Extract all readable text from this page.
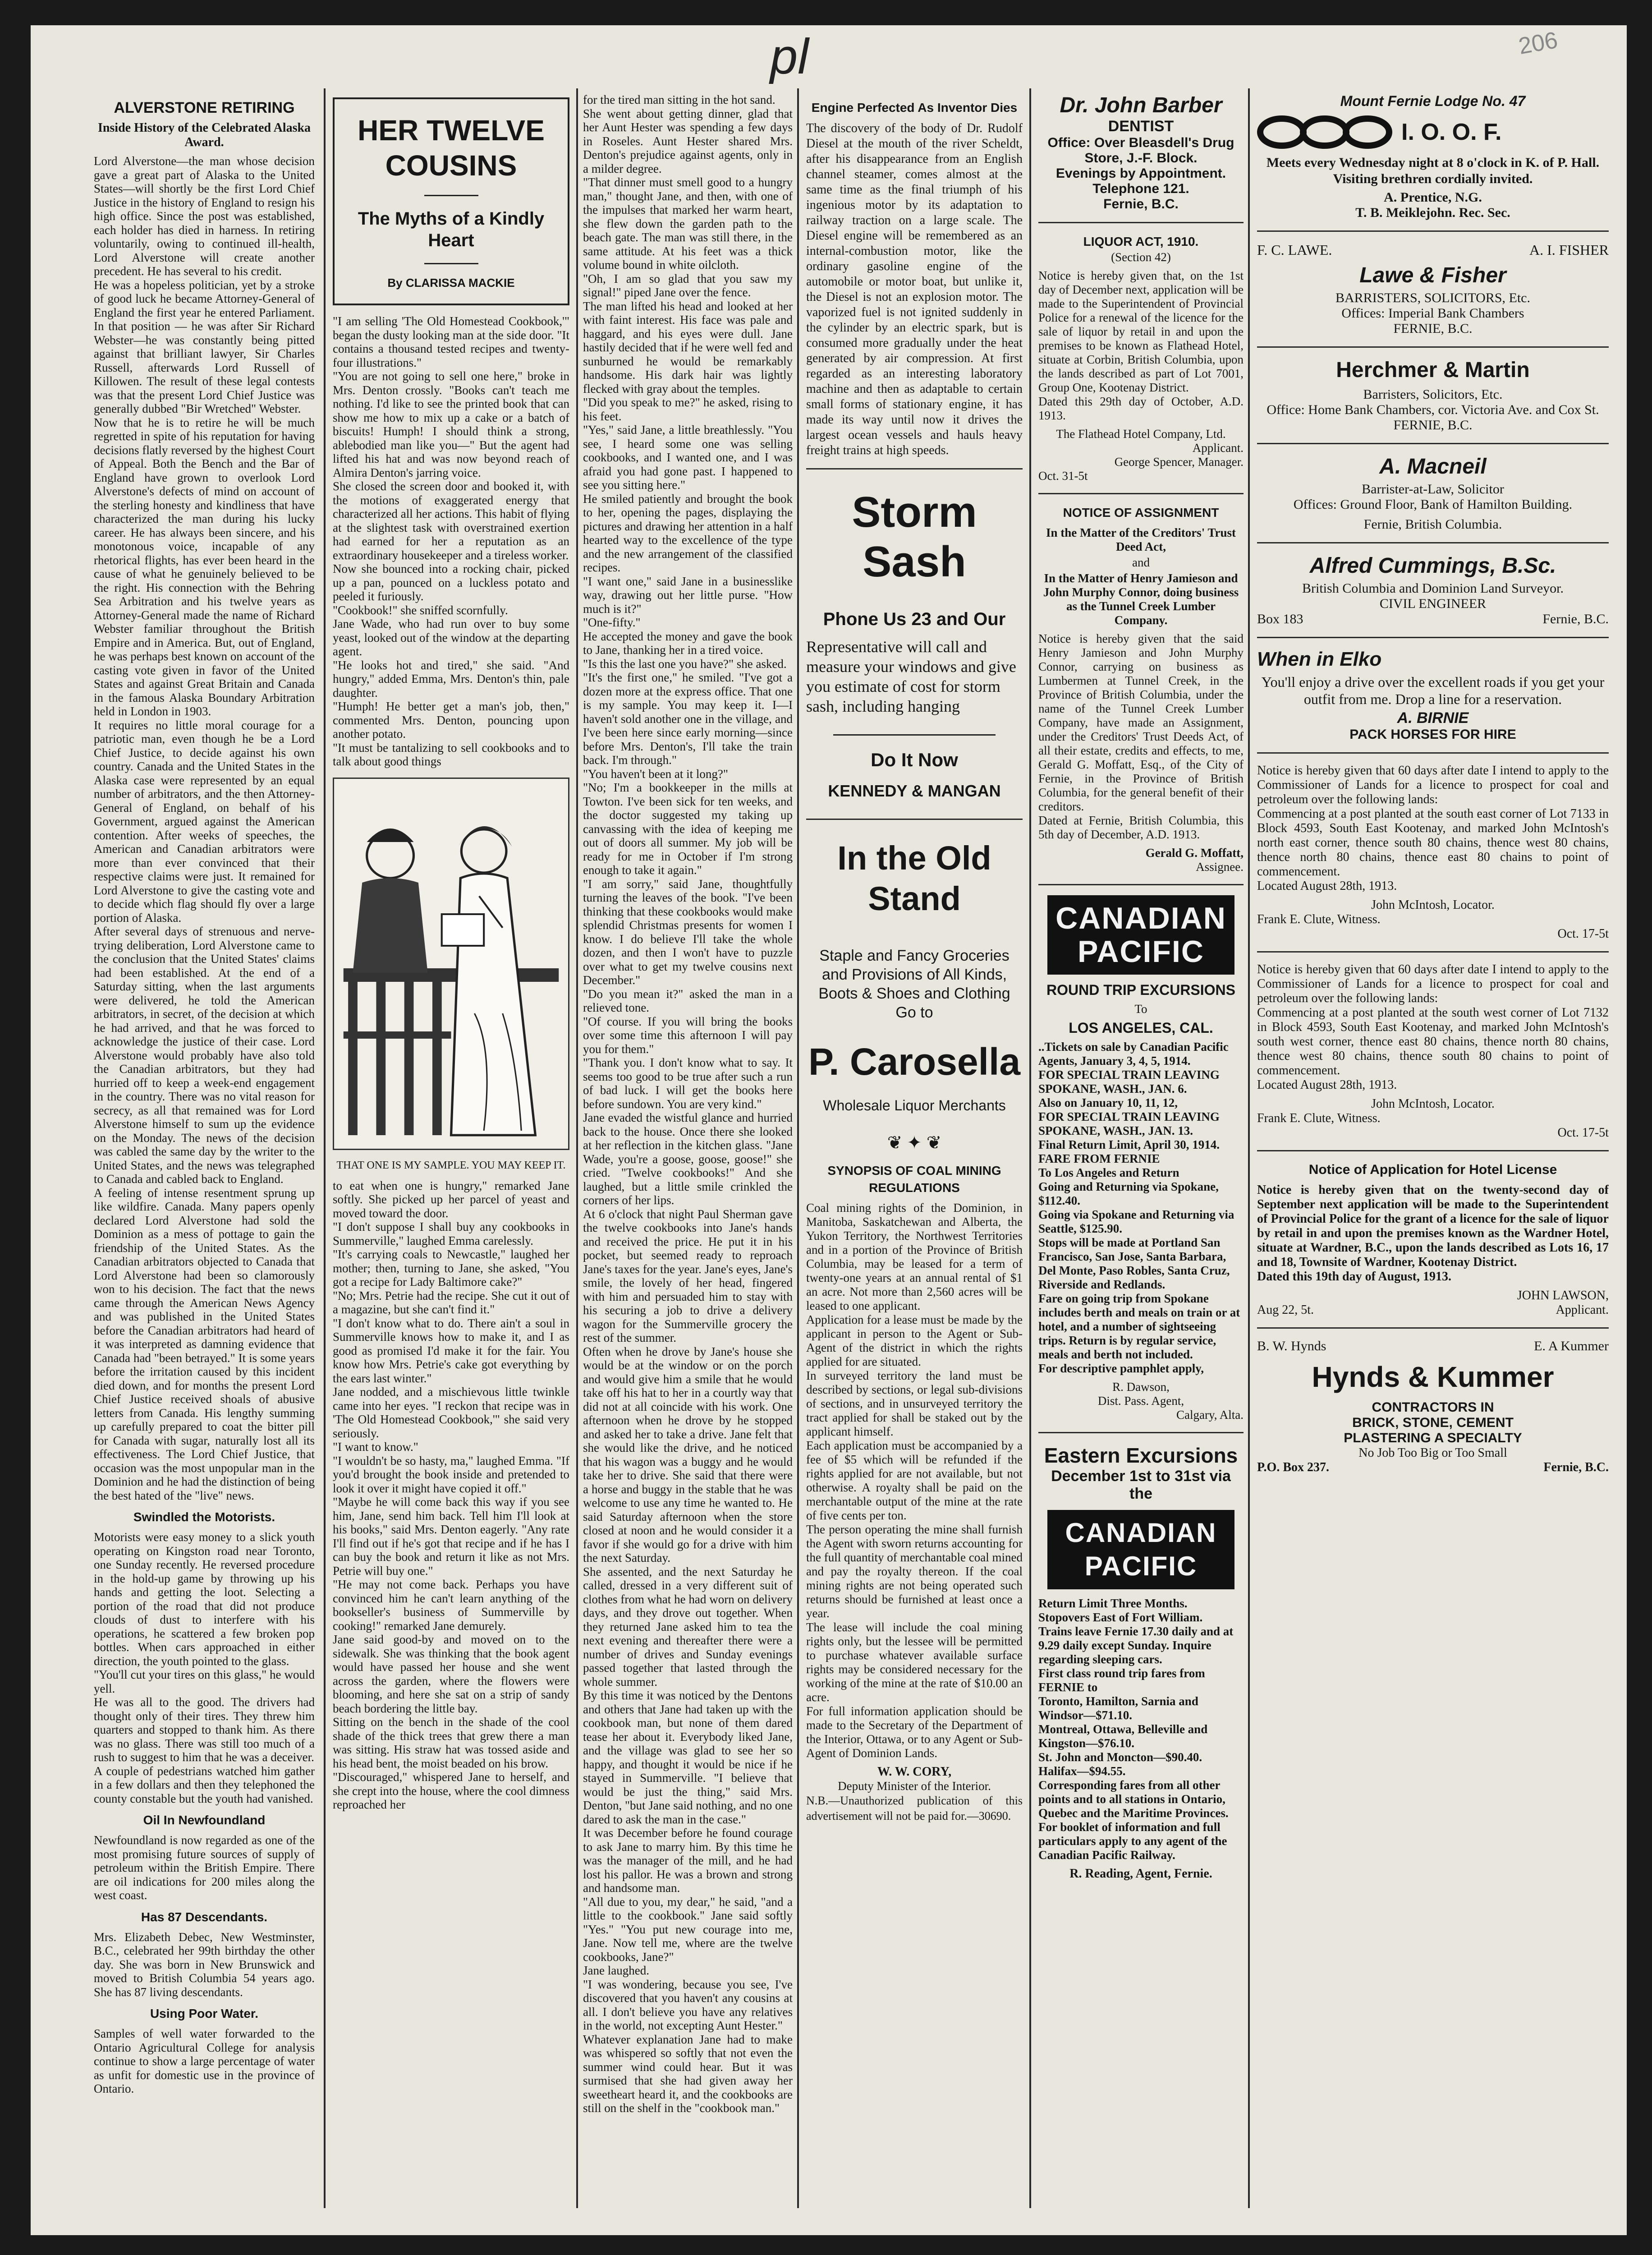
pl	206
ALVERSTONE RETIRING
Inside History of the Celebrated Alaska Award.

Lord Alverstone—the man whose decision gave a great part of Alaska to the United States—will shortly be the first Lord Chief Justice in the history of England to resign his high office. Since the post was established, each holder has died in harness. In retiring voluntarily, owing to continued ill-health, Lord Alverstone will create another precedent. He has several to his credit.
He was a hopeless politician, yet by a stroke of good luck he became Attorney-General of England the first year he entered Parliament. In that position — he was after Sir Richard Webster—he was constantly being pitted against that brilliant lawyer, Sir Charles Russell, afterwards Lord Russell of Killowen. The result of these legal contests was that the present Lord Chief Justice was generally dubbed "Bir Wretched" Webster.
Now that he is to retire he will be much regretted in spite of his reputation for having decisions flatly reversed by the highest Court of Appeal. Both the Bench and the Bar of England have grown to overlook Lord Alverstone's defects of mind on account of the sterling honesty and kindliness that have characterized the man during his lucky career. He has always been sincere, and his monotonous voice, incapable of any rhetorical flights, has ever been heard in the cause of what he genuinely believed to be the right. His connection with the Behring Sea Arbitration and his twelve years as Attorney-General made the name of Richard Webster familiar throughout the British Empire and in America. But, out of England, he was perhaps best known on account of the casting vote given in favor of the United States and against Great Britain and Canada in the famous Alaska Boundary Arbitration held in London in 1903.
It requires no little moral courage for a patriotic man, even though he be a Lord Chief Justice, to decide against his own country. Canada and the United States in the Alaska case were represented by an equal number of arbitrators, and the then Attorney-General of England, on behalf of his Government, argued against the American contention. After weeks of speeches, the American and Canadian arbitrators were more than ever convinced that their respective claims were just. It remained for Lord Alverstone to give the casting vote and to decide which flag should fly over a large portion of Alaska.
After several days of strenuous and nerve-trying deliberation, Lord Alverstone came to the conclusion that the United States' claims had been established. At the end of a Saturday sitting, when the last arguments were delivered, he told the American arbitrators, in secret, of the decision at which he had arrived, and that he was forced to acknowledge the justice of their case. Lord Alverstone would probably have also told the Canadian arbitrators, but they had hurried off to keep a week-end engagement in the country. There was no vital reason for secrecy, as all that remained was for Lord Alverstone himself to sum up the evidence on the Monday. The news of the decision was cabled the same day by the writer to the United States, and the news was telegraphed to Canada and cabled back to England.
A feeling of intense resentment sprung up like wildfire. Canada. Many papers openly declared Lord Alverstone had sold the Dominion as a mess of pottage to gain the friendship of the United States. As the Canadian arbitrators objected to Canada that Lord Alverstone had been so clamorously won to his decision. The fact that the news came through the American News Agency and was published in the United States before the Canadian arbitrators had heard of it was interpreted as damning evidence that Canada had "been betrayed." It is some years before the irritation caused by this incident died down, and for months the present Lord Chief Justice received shoals of abusive letters from Canada. His lengthy summing up carefully prepared to coat the bitter pill for Canada with sugar, naturally lost all its effectiveness. The Lord Chief Justice, that occasion was the most unpopular man in the Dominion and he had the distinction of being the best hated of the "live" news.

Swindled the Motorists.

Motorists were easy money to a slick youth operating on Kingston road near Toronto, one Sunday recently. He reversed procedure in the hold-up game by throwing up his hands and getting the loot. Selecting a portion of the road that did not produce clouds of dust to interfere with his operations, he scattered a few broken pop bottles. When cars approached in either direction, the youth pointed to the glass.
"You'll cut your tires on this glass," he would yell.
He was all to the good. The drivers had thought only of their tires. They threw him quarters and stopped to thank him. As there was no glass. There was still too much of a rush to suggest to him that he was a deceiver.
A couple of pedestrians watched him gather in a few dollars and then they telephoned the county constable but the youth had vanished.

Oil In Newfoundland

Newfoundland is now regarded as one of the most promising future sources of supply of petroleum within the British Empire. There are oil indications for 200 miles along the west coast.

Has 87 Descendants.

Mrs. Elizabeth Debec, New Westminster, B.C., celebrated her 99th birthday the other day. She was born in New Brunswick and moved to British Columbia 54 years ago. She has 87 living descendants.

Using Poor Water.

Samples of well water forwarded to the Ontario Agricultural College for analysis continue to show a large percentage of water as unfit for domestic use in the province of Ontario.

HER TWELVE COUSINS
The Myths of a Kindly Heart
By CLARISSA MACKIE

"I am selling 'The Old Homestead Cookbook,'" began the dusty looking man at the side door. "It contains a thousand tested recipes and twenty-four illustrations."
"You are not going to sell one here," broke in Mrs. Denton crossly. "Books can't teach me nothing. I'd like to see the printed book that can show me how to mix up a cake or a batch of biscuits! Humph! I should think a strong, ablebodied man like you—" But the agent had lifted his hat and was now beyond reach of Almira Denton's jarring voice.
She closed the screen door and booked it, with the motions of exaggerated energy that characterized all her actions. This habit of flying at the slightest task with overstrained exertion had earned for her a reputation as an extraordinary housekeeper and a tireless worker.
Now she bounced into a rocking chair, picked up a pan, pounced on a luckless potato and peeled it furiously.
"Cookbook!" she sniffed scornfully.
Jane Wade, who had run over to buy some yeast, looked out of the window at the departing agent.
"He looks hot and tired," she said. "And hungry," added Emma, Mrs. Denton's thin, pale daughter.
"Humph! He better get a man's job, then," commented Mrs. Denton, pouncing upon another potato.
"It must be tantalizing to sell cookbooks and to talk about good things

THAT ONE IS MY SAMPLE. YOU MAY KEEP IT.

to eat when one is hungry," remarked Jane softly. She picked up her parcel of yeast and moved toward the door.
"I don't suppose I shall buy any cookbooks in Summerville," laughed Emma carelessly.
"It's carrying coals to Newcastle," laughed her mother; then, turning to Jane, she asked, "You got a recipe for Lady Baltimore cake?"
"No; Mrs. Petrie had the recipe. She cut it out of a magazine, but she can't find it."
"I don't know what to do. There ain't a soul in Summerville knows how to make it, and I as good as promised I'd make it for the fair. You know how Mrs. Petrie's cake got everything by the ears last winter."
Jane nodded, and a mischievous little twinkle came into her eyes. "I reckon that recipe was in 'The Old Homestead Cookbook,'" she said very seriously.
"I want to know."
"I wouldn't be so hasty, ma," laughed Emma. "If you'd brought the book inside and pretended to look it over it might have copied it off."
"Maybe he will come back this way if you see him, Jane, send him back. Tell him I'll look at his books," said Mrs. Denton eagerly. "Any rate I'll find out if he's got that recipe and if he has I can buy the book and return it like as not Mrs. Petrie will buy one."
"He may not come back. Perhaps you have convinced him he can't learn anything of the bookseller's business of Summerville by cooking!" remarked Jane demurely.
Jane said good-by and moved on to the sidewalk. She was thinking that the book agent would have passed her house and she went across the garden, where the flowers were blooming, and here she sat on a strip of sandy beach bordering the little bay.
Sitting on the bench in the shade of the cool shade of the thick trees that grew there a man was sitting. His straw hat was tossed aside and his head bent, the moist beaded on his brow.
"Discouraged," whispered Jane to herself, and she crept into the house, where the cool dimness reproached her

for the tired man sitting in the hot sand.
She went about getting dinner, glad that her Aunt Hester was spending a few days in Roseles. Aunt Hester shared Mrs. Denton's prejudice against agents, only in a milder degree.
"That dinner must smell good to a hungry man," thought Jane, and then, with one of the impulses that marked her warm heart, she flew down the garden path to the beach gate. The man was still there, in the same attitude. At his feet was a thick volume bound in white oilcloth.
"Oh, I am so glad that you saw my signal!" piped Jane over the fence.
The man lifted his head and looked at her with faint interest. His face was pale and haggard, and his eyes were dull. Jane hastily decided that if he were well fed and sunburned he would be remarkably handsome. His dark hair was lightly flecked with gray about the temples.
"Did you speak to me?" he asked, rising to his feet.
"Yes," said Jane, a little breathlessly. "You see, I heard some one was selling cookbooks, and I wanted one, and I was afraid you had gone past. I happened to see you sitting here."
He smiled patiently and brought the book to her, opening the pages, displaying the pictures and drawing her attention in a half hearted way to the excellence of the type and the new arrangement of the classified recipes.
"I want one," said Jane in a businesslike way, drawing out her little purse. "How much is it?"
"One-fifty."
He accepted the money and gave the book to Jane, thanking her in a tired voice.
"Is this the last one you have?" she asked.
"It's the first one," he smiled. "I've got a dozen more at the express office. That one is my sample. You may keep it. I—I haven't sold another one in the village, and I've been here since early morning—since before Mrs. Denton's, I'll take the train back. I'm through."
"You haven't been at it long?"
"No; I'm a bookkeeper in the mills at Towton. I've been sick for ten weeks, and the doctor suggested my taking up canvassing with the idea of keeping me out of doors all summer. My job will be ready for me in October if I'm strong enough to take it again."
"I am sorry," said Jane, thoughtfully turning the leaves of the book. "I've been thinking that these cookbooks would make splendid Christmas presents for women I know. I do believe I'll take the whole dozen, and then I won't have to puzzle over what to get my twelve cousins next December."
"Do you mean it?" asked the man in a relieved tone.
"Of course. If you will bring the books over some time this afternoon I will pay you for them."
"Thank you. I don't know what to say. It seems too good to be true after such a run of bad luck. I will get the books here before sundown. You are very kind."
Jane evaded the wistful glance and hurried back to the house. Once there she looked at her reflection in the kitchen glass. "Jane Wade, you're a goose, goose, goose!" she cried. "Twelve cookbooks!" And she laughed, but a little smile crinkled the corners of her lips.
At 6 o'clock that night Paul Sherman gave the twelve cookbooks into Jane's hands and received the price. He put it in his pocket, but seemed ready to reproach Jane's taxes for the year. Jane's eyes, Jane's smile, the lovely of her head, fingered with him and persuaded him to stay with his securing a job to drive a delivery wagon for the Summerville grocery the rest of the summer.
Often when he drove by Jane's house she would be at the window or on the porch and would give him a smile that he would take off his hat to her in a courtly way that did not at all coincide with his work. One afternoon when he drove by he stopped and asked her to take a drive. Jane felt that she would like the drive, and he noticed that his wagon was a buggy and he would take her to drive. She said that there were a horse and buggy in the stable that he was welcome to use any time he wanted to. He said Saturday afternoon when the store closed at noon and he would consider it a favor if she would go for a drive with him the next Saturday.
She assented, and the next Saturday he called, dressed in a very different suit of clothes from what he had worn on delivery days, and they drove out together. When they returned Jane asked him to tea the next evening and thereafter there were a number of drives and Sunday evenings passed together that lasted through the whole summer.
By this time it was noticed by the Dentons and others that Jane had taken up with the cookbook man, but none of them dared tease her about it. Everybody liked Jane, and the village was glad to see her so happy, and thought it would be nice if he stayed in Summerville. "I believe that would be just the thing," said Mrs. Denton, "but Jane said nothing, and no one dared to ask the man in the case."
It was December before he found courage to ask Jane to marry him. By this time he was the manager of the mill, and he had lost his pallor. He was a brown and strong and handsome man.
"All due to you, my dear," he said, "and a little to the cookbook." Jane said softly "Yes." "You put new courage into me, Jane. Now tell me, where are the twelve cookbooks, Jane?"
Jane laughed.
"I was wondering, because you see, I've discovered that you haven't any cousins at all. I don't believe you have any relatives in the world, not excepting Aunt Hester."
Whatever explanation Jane had to make was whispered so softly that not even the summer wind could hear. But it was surmised that she had given away her sweetheart heard it, and the cookbooks are still on the shelf in the "cookbook man."

Engine Perfected As Inventor Dies

The discovery of the body of Dr. Rudolf Diesel at the mouth of the river Scheldt, after his disappearance from an English channel steamer, comes almost at the same time as the final triumph of his ingenious motor by its adaptation to railway traction on a large scale. The Diesel engine will be remembered as an internal-combustion motor, like the ordinary gasoline engine of the automobile or motor boat, but unlike it, the Diesel is not an explosion motor. The vaporized fuel is not ignited suddenly in the cylinder by an electric spark, but is consumed more gradually under the heat generated by air compression. At first regarded as an interesting laboratory machine and then as adaptable to certain small forms of stationary engine, it has made its way until now it drives the largest ocean vessels and hauls heavy freight trains at high speeds.

Storm Sash
Phone Us 23 and Our

Representative will call and measure your windows and give you estimate of cost for storm sash, including hanging

Do It Now
KENNEDY & MANGAN
In the Old Stand

Staple and Fancy Groceries and Provisions of All Kinds, Boots & Shoes and Clothing Go to

P. Carosella
Wholesale Liquor Merchants
❦ ✦ ❦
SYNOPSIS OF COAL MINING REGULATIONS

Coal mining rights of the Dominion, in Manitoba, Saskatchewan and Alberta, the Yukon Territory, the Northwest Territories and in a portion of the Province of British Columbia, may be leased for a term of twenty-one years at an annual rental of $1 an acre. Not more than 2,560 acres will be leased to one applicant.
Application for a lease must be made by the applicant in person to the Agent or Sub-Agent of the district in which the rights applied for are situated.
In surveyed territory the land must be described by sections, or legal sub-divisions of sections, and in unsurveyed territory the tract applied for shall be staked out by the applicant himself.
Each application must be accompanied by a fee of $5 which will be refunded if the rights applied for are not available, but not otherwise. A royalty shall be paid on the merchantable output of the mine at the rate of five cents per ton.
The person operating the mine shall furnish the Agent with sworn returns accounting for the full quantity of merchantable coal mined and pay the royalty thereon. If the coal mining rights are not being operated such returns should be furnished at least once a year.
The lease will include the coal mining rights only, but the lessee will be permitted to purchase whatever available surface rights may be considered necessary for the working of the mine at the rate of $10.00 an acre.
For full information application should be made to the Secretary of the Department of the Interior, Ottawa, or to any Agent or Sub-Agent of Dominion Lands.

W. W. CORY,
Deputy Minister of the Interior.

N.B.—Unauthorized publication of this advertisement will not be paid for.—30690.

Dr. John Barber
DENTIST
Office: Over Bleasdell's Drug Store, J.-F. Block.
Evenings by Appointment.
Telephone 121.
Fernie, B.C.
LIQUOR ACT, 1910.
(Section 42)

Notice is hereby given that, on the 1st day of December next, application will be made to the Superintendent of Provincial Police for a renewal of the licence for the sale of liquor by retail in and upon the premises to be known as Flathead Hotel, situate at Corbin, British Columbia, upon the lands described as part of Lot 7001, Group One, Kootenay District.
Dated this 29th day of October, A.D. 1913.

The Flathead Hotel Company, Ltd.
Applicant.
George Spencer, Manager.
Oct. 31-5t
NOTICE OF ASSIGNMENT

In the Matter of the Creditors' Trust Deed Act,

and

In the Matter of Henry Jamieson and John Murphy Connor, doing business as the Tunnel Creek Lumber Company.

Notice is hereby given that the said Henry Jamieson and John Murphy Connor, carrying on business as Lumbermen at Tunnel Creek, in the Province of British Columbia, under the name of the Tunnel Creek Lumber Company, have made an Assignment, under the Creditors' Trust Deeds Act, of all their estate, credits and effects, to me, Gerald G. Moffatt, Esq., of the City of Fernie, in the Province of British Columbia, for the general benefit of their creditors.
Dated at Fernie, British Columbia, this 5th day of December, A.D. 1913.

Gerald G. Moffatt,
Assignee.
CANADIAN PACIFIC
ROUND TRIP EXCURSIONS
To
LOS ANGELES, CAL.

..Tickets on sale by Canadian Pacific Agents, January 3, 4, 5, 1914.
FOR SPECIAL TRAIN LEAVING SPOKANE, WASH., JAN. 6.
Also on January 10, 11, 12,
FOR SPECIAL TRAIN LEAVING SPOKANE, WASH., JAN. 13.
Final Return Limit, April 30, 1914.
FARE FROM FERNIE
To Los Angeles and Return
Going and Returning via Spokane, $112.40.
Going via Spokane and Returning via Seattle, $125.90.
Stops will be made at Portland San Francisco, San Jose, Santa Barbara, Del Monte, Paso Robles, Santa Cruz, Riverside and Redlands.
Fare on going trip from Spokane includes berth and meals on train or at hotel, and a number of sightseeing trips. Return is by regular service, meals and berth not included.
For descriptive pamphlet apply,

R. Dawson,
Dist. Pass. Agent,
Calgary, Alta.
Eastern Excursions
December 1st to 31st via the
CANADIAN PACIFIC

Return Limit Three Months.
Stopovers East of Fort William.
Trains leave Fernie 17.30 daily and at 9.29 daily except Sunday. Inquire regarding sleeping cars.
First class round trip fares from FERNIE to
Toronto, Hamilton, Sarnia and Windsor—$71.10.
Montreal, Ottawa, Belleville and Kingston—$76.10.
St. John and Moncton—$90.40.
Halifax—$94.55.
Corresponding fares from all other points and to all stations in Ontario, Quebec and the Maritime Provinces.
For booklet of information and full particulars apply to any agent of the Canadian Pacific Railway.

R. Reading, Agent, Fernie.
Mount Fernie Lodge No. 47
I. O. O. F.

Meets every Wednesday night at 8 o'clock in K. of P. Hall. Visiting brethren cordially invited.

A. Prentice, N.G.
T. B. Meiklejohn. Rec. Sec.
F. C. LAWE.	A. I. FISHER
Lawe & Fisher
BARRISTERS, SOLICITORS, Etc.
Offices: Imperial Bank Chambers
FERNIE, B.C.
Herchmer & Martin
Barristers, Solicitors, Etc.
Office: Home Bank Chambers, cor. Victoria Ave. and Cox St.
FERNIE, B.C.
A. Macneil
Barrister-at-Law, Solicitor
Offices: Ground Floor, Bank of Hamilton Building.
Fernie, British Columbia.
Alfred Cummings, B.Sc.
British Columbia and Dominion Land Surveyor.
CIVIL ENGINEER
Box 183	Fernie, B.C.
When in Elko

You'll enjoy a drive over the excellent roads if you get your outfit from me. Drop a line for a reservation.

A. BIRNIE
PACK HORSES FOR HIRE

Notice is hereby given that 60 days after date I intend to apply to the Commissioner of Lands for a licence to prospect for coal and petroleum over the following lands:
Commencing at a post planted at the south east corner of Lot 7133 in Block 4593, South East Kootenay, and marked John McIntosh's north east corner, thence south 80 chains, thence west 80 chains, thence north 80 chains, thence east 80 chains to point of commencement.
Located August 28th, 1913.

John McIntosh, Locator.
Frank E. Clute, Witness.
Oct. 17-5t

Notice is hereby given that 60 days after date I intend to apply to the Commissioner of Lands for a licence to prospect for coal and petroleum over the following lands:
Commencing at a post planted at the south west corner of Lot 7132 in Block 4593, South East Kootenay, and marked John McIntosh's south west corner, thence east 80 chains, thence north 80 chains, thence west 80 chains, thence south 80 chains to point of commencement.
Located August 28th, 1913.

John McIntosh, Locator.
Frank E. Clute, Witness.
Oct. 17-5t
Notice of Application for Hotel License

Notice is hereby given that on the twenty-second day of September next application will be made to the Superintendent of Provincial Police for the grant of a licence for the sale of liquor by retail in and upon the premises known as the Wardner Hotel, situate at Wardner, B.C., upon the lands described as Lots 16, 17 and 18, Townsite of Wardner, Kootenay District.
Dated this 19th day of August, 1913.

JOHN LAWSON,
Aug 22, 5t.	Applicant.
B. W. Hynds	E. A Kummer
Hynds & Kummer
CONTRACTORS IN
BRICK, STONE, CEMENT
PLASTERING A SPECIALTY
No Job Too Big or Too Small
P.O. Box 237.	Fernie, B.C.
